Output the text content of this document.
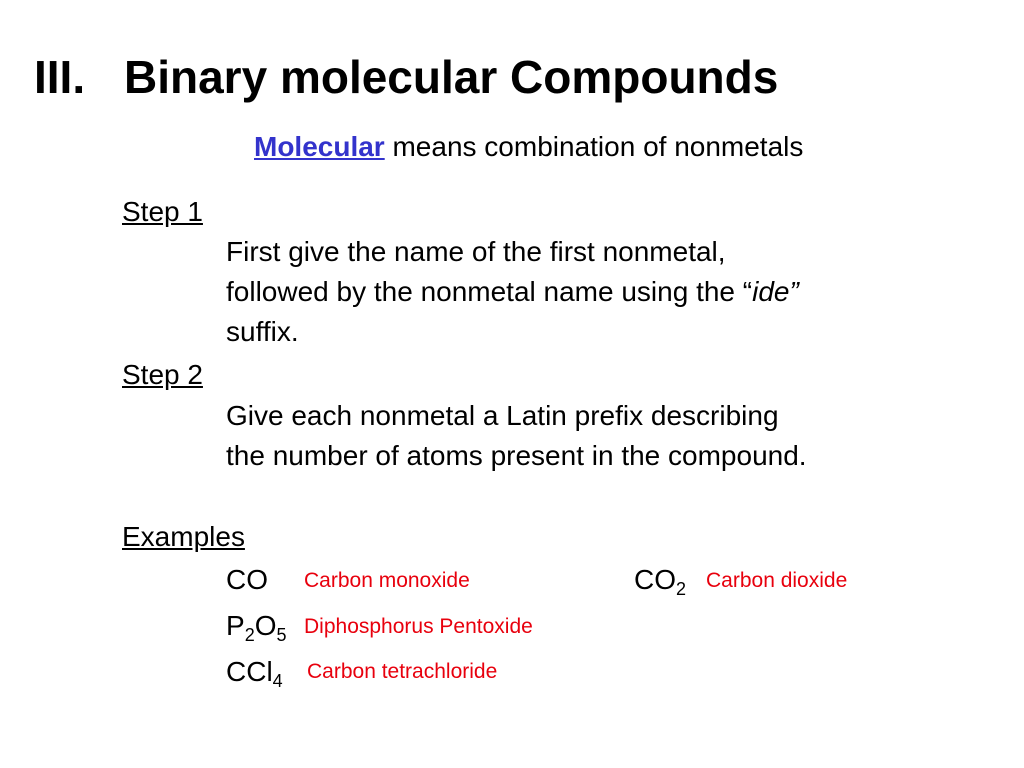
III. Binary molecular Compounds
Molecular means combination of nonmetals
Step 1
First give the name of the first nonmetal,
followed by the nonmetal name using the “ide”
suffix.
Step 2
Give each nonmetal a Latin prefix describing
the number of atoms present in the compound.
Examples
CO Carbon monoxide	$CO_2$ Carbon dioxide
$P_2O_5$ Diphosphorus Pentoxide
CCl$_4$ Carbon tetrachloride
